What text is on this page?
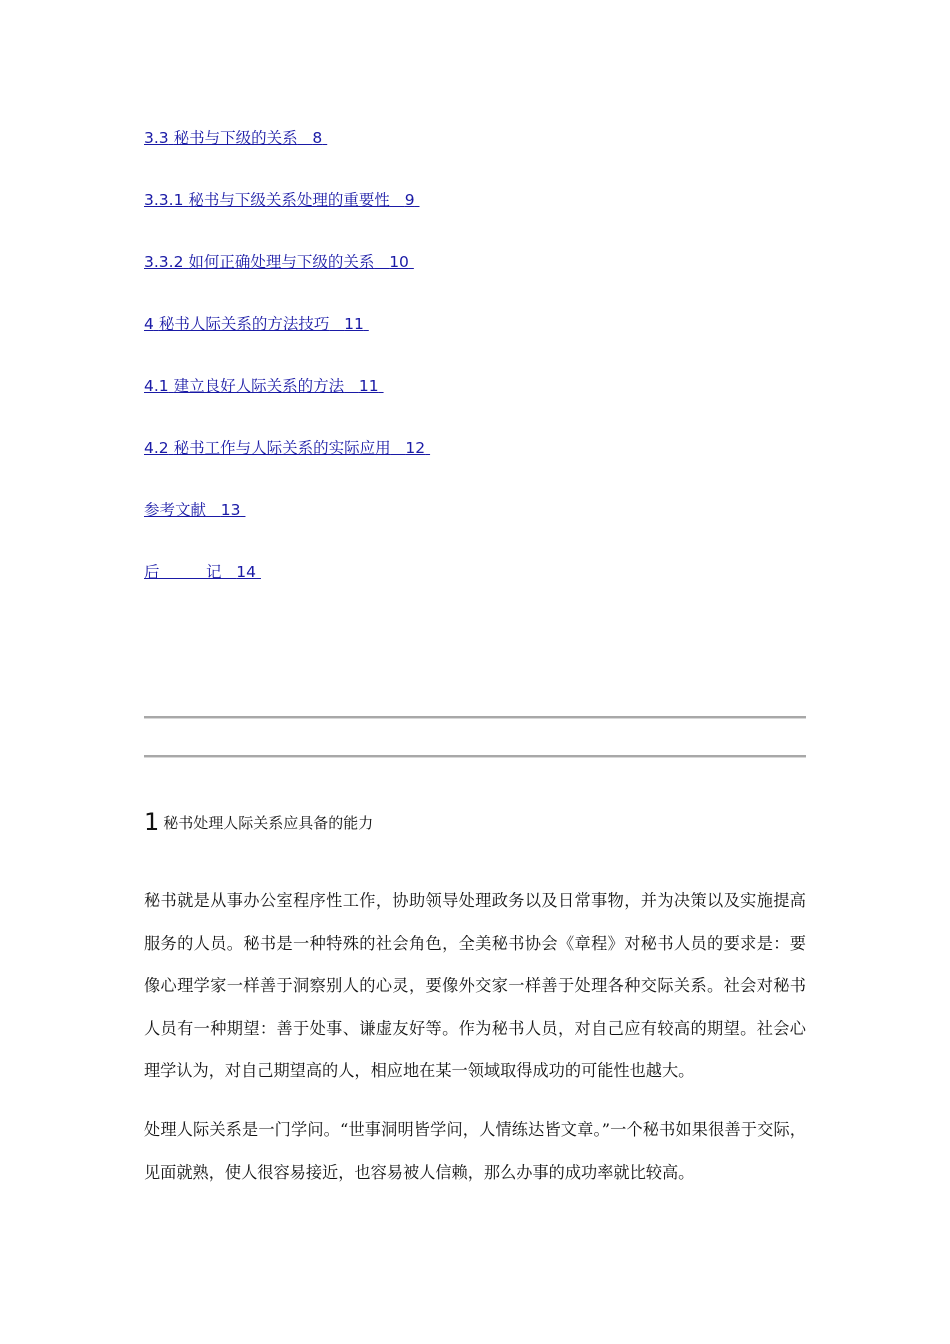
3.3 秘书与下级的关系 8
3.3.1 秘书与下级关系处理的重要性 9
3.3.2 如何正确处理与下级的关系 10
4 秘书人际关系的方法技巧 11
4.1 建立良好人际关系的方法 11
4.2 秘书工作与人际关系的实际应用 12
参考文献 13
后　　　记 14
1 秘书处理人际关系应具备的能力

秘书就是从事办公室程序性工作，协助领导处理政务以及日常事物，并为决策以及实施提高服务的人员。秘书是一种特殊的社会角色，全美秘书协会《章程》对秘书人员的要求是：要像心理学家一样善于洞察别人的心灵，要像外交家一样善于处理各种交际关系。社会对秘书人员有一种期望：善于处事、谦虚友好等。作为秘书人员，对自己应有较高的期望。社会心理学认为，对自己期望高的人，相应地在某一领域取得成功的可能性也越大。

处理人际关系是一门学问。“世事洞明皆学问，人情练达皆文章。”一个秘书如果很善于交际，见面就熟，使人很容易接近，也容易被人信赖，那么办事的成功率就比较高。
